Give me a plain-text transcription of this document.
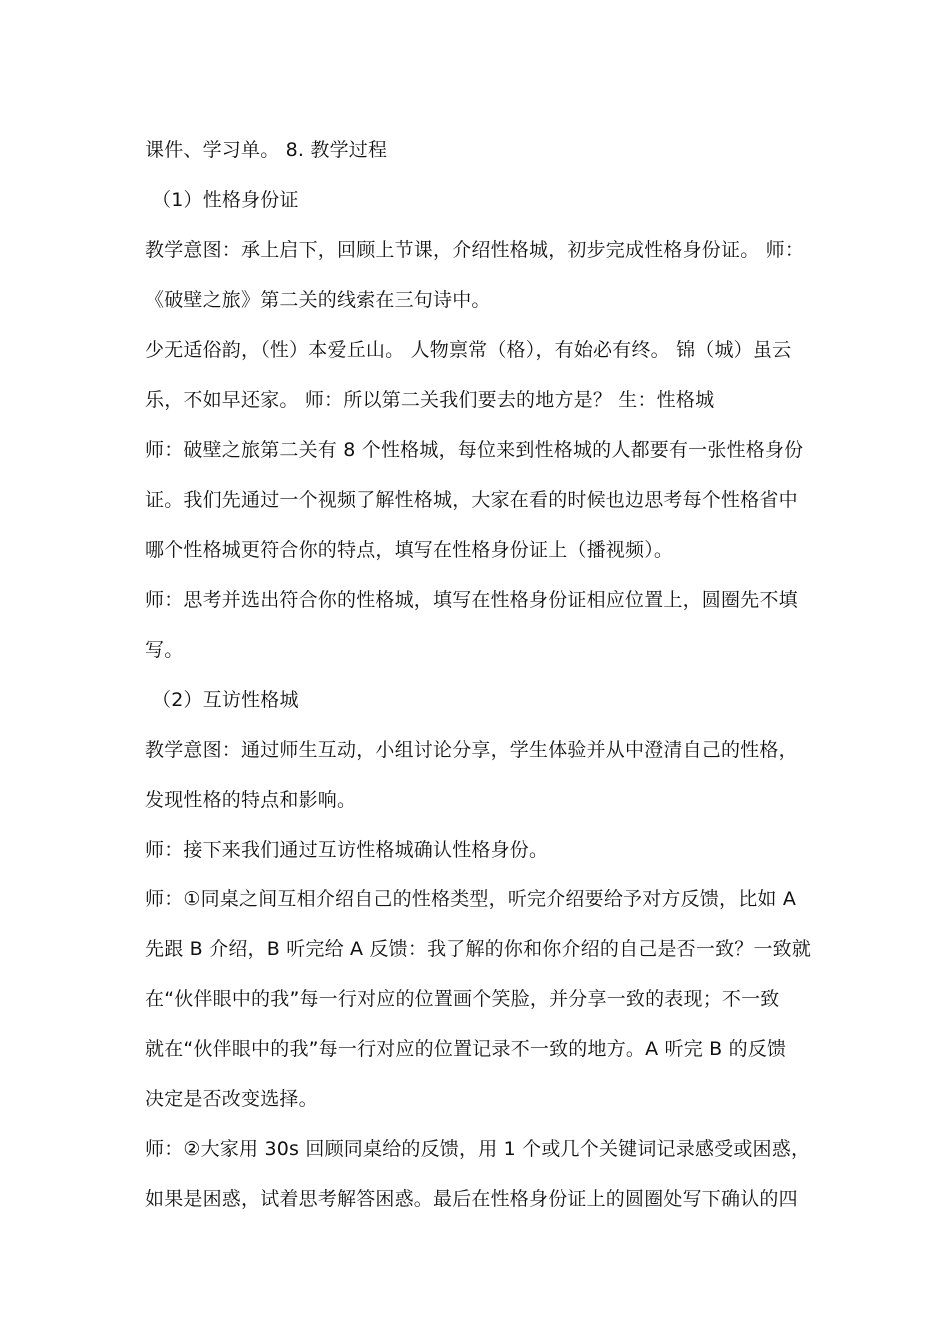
课件、学习单。 8. 教学过程
（1）性格身份证
教学意图：承上启下，回顾上节课，介绍性格城，初步完成性格身份证。 师：
《破壁之旅》第二关的线索在三句诗中。
少无适俗韵，（性）本爱丘山。 人物禀常（格），有始必有终。 锦（城）虽云
乐，不如早还家。 师：所以第二关我们要去的地方是？ 生：性格城
师：破壁之旅第二关有 8 个性格城，每位来到性格城的人都要有一张性格身份
证。我们先通过一个视频了解性格城，大家在看的时候也边思考每个性格省中
哪个性格城更符合你的特点，填写在性格身份证上（播视频）。
师：思考并选出符合你的性格城，填写在性格身份证相应位置上，圆圈先不填
写。
（2）互访性格城
教学意图：通过师生互动，小组讨论分享，学生体验并从中澄清自己的性格，
发现性格的特点和影响。
师：接下来我们通过互访性格城确认性格身份。
师：①同桌之间互相介绍自己的性格类型，听完介绍要给予对方反馈，比如 A
先跟 B 介绍，B 听完给 A 反馈：我了解的你和你介绍的自己是否一致？一致就
在“伙伴眼中的我”每一行对应的位置画个笑脸，并分享一致的表现；不一致
就在“伙伴眼中的我”每一行对应的位置记录不一致的地方。A 听完 B 的反馈
决定是否改变选择。
师：②大家用 30s 回顾同桌给的反馈，用 1 个或几个关键词记录感受或困惑，
如果是困惑，试着思考解答困惑。最后在性格身份证上的圆圈处写下确认的四
